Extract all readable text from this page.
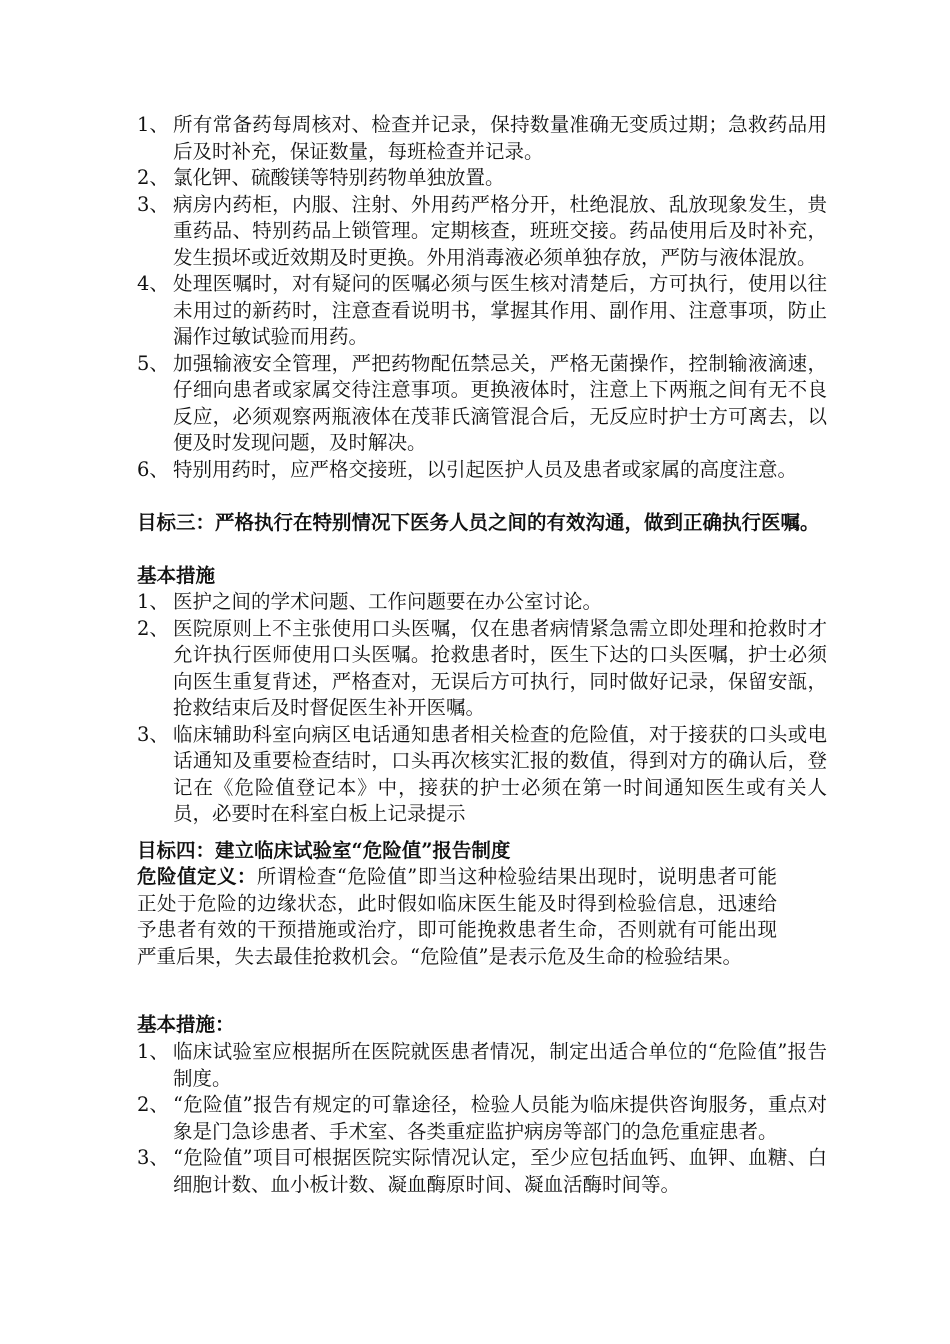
1、 所有常备药每周核对、检查并记录，保持数量准确无变质过期；急救药品用后及时补充，保证数量，每班检查并记录。
2、 氯化钾、硫酸镁等特别药物单独放置。
3、 病房内药柜，内服、注射、外用药严格分开，杜绝混放、乱放现象发生，贵重药品、特别药品上锁管理。定期核查，班班交接。药品使用后及时补充，发生损坏或近效期及时更换。外用消毒液必须单独存放，严防与液体混放。
4、 处理医嘱时，对有疑问的医嘱必须与医生核对清楚后，方可执行，使用以往未用过的新药时，注意查看说明书，掌握其作用、副作用、注意事项，防止漏作过敏试验而用药。
5、 加强输液安全管理，严把药物配伍禁忌关，严格无菌操作，控制输液滴速，仔细向患者或家属交待注意事项。更换液体时，注意上下两瓶之间有无不良反应，必须观察两瓶液体在茂菲氏滴管混合后，无反应时护士方可离去，以便及时发现问题，及时解决。
6、 特别用药时，应严格交接班，以引起医护人员及患者或家属的高度注意。
目标三： 严格执行在特别情况下医务人员之间的有效沟通，做到正确执行医嘱。
基本措施
1、 医护之间的学术问题、工作问题要在办公室讨论。
2、 医院原则上不主张使用口头医嘱，仅在患者病情紧急需立即处理和抢救时才允许执行医师使用口头医嘱。抢救患者时，医生下达的口头医嘱，护士必须向医生重复背述，严格查对，无误后方可执行，同时做好记录，保留安瓿，抢救结束后及时督促医生补开医嘱。
3、 临床辅助科室向病区电话通知患者相关检查的危险值，对于接获的口头或电话通知及重要检查结时，口头再次核实汇报的数值，得到对方的确认后，登记在《危险值登记本》中，接获的护士必须在第一时间通知医生或有关人员，必要时在科室白板上记录提示
目标四：建立临床试验室“危险值”报告制度
危险值定义：所谓检查“危险值”即当这种检验结果出现时，说明患者可能正处于危险的边缘状态，此时假如临床医生能及时得到检验信息，迅速给予患者有效的干预措施或治疗，即可能挽救患者生命，否则就有可能出现严重后果，失去最佳抢救机会。“危险值”是表示危及生命的检验结果。
基本措施：
1、 临床试验室应根据所在医院就医患者情况，制定出适合单位的“危险值”报告制度。
2、 “危险值”报告有规定的可靠途径，检验人员能为临床提供咨询服务，重点对象是门急诊患者、手术室、各类重症监护病房等部门的急危重症患者。
3、 “危险值”项目可根据医院实际情况认定，至少应包括血钙、血钾、血糖、白细胞计数、血小板计数、凝血酶原时间、凝血活酶时间等。
